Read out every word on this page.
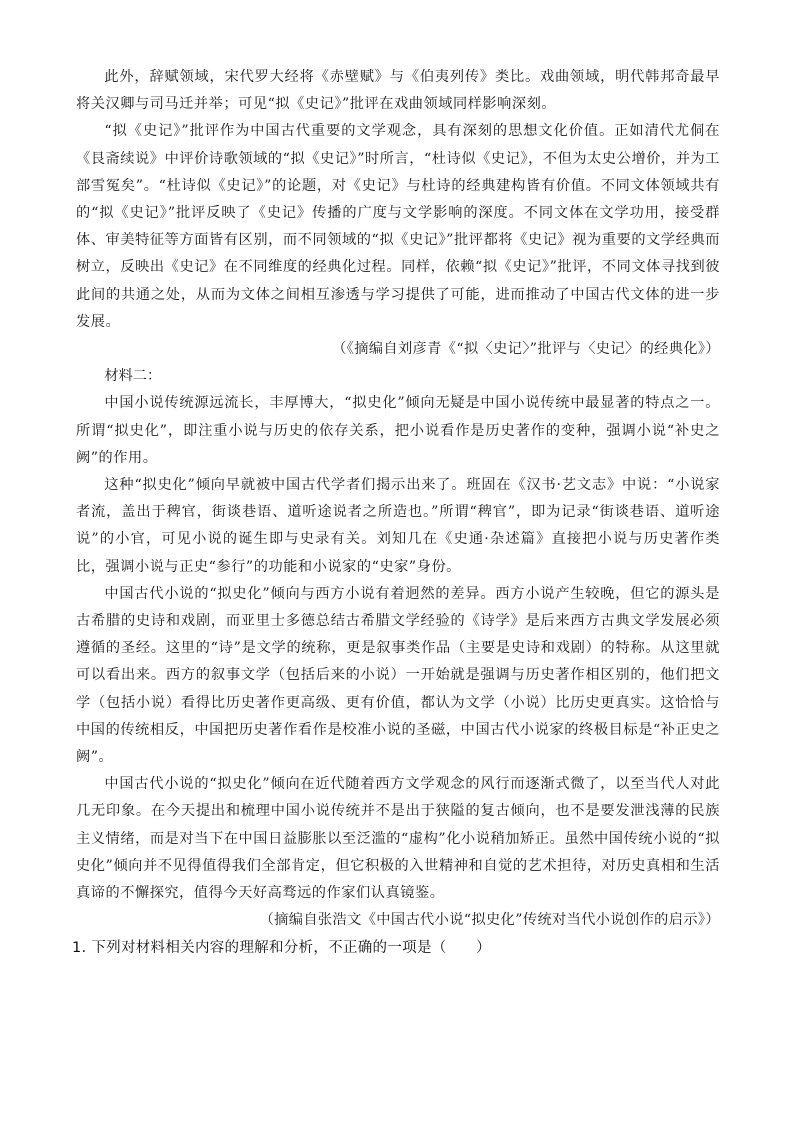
此外，辞赋领域，宋代罗大经将《赤壁赋》与《伯夷列传》类比。戏曲领域，明代韩邦奇最早将关汉卿与司马迁并举；可见“拟《史记》”批评在戏曲领域同样影响深刻。

“拟《史记》”批评作为中国古代重要的文学观念，具有深刻的思想文化价值。正如清代尤侗在《艮斋续说》中评价诗歌领域的“拟《史记》”时所言，“杜诗似《史记》，不但为太史公增价，并为工部雪冤矣”。“杜诗似《史记》”的论题，对《史记》与杜诗的经典建构皆有价值。不同文体领域共有的“拟《史记》”批评反映了《史记》传播的广度与文学影响的深度。不同文体在文学功用，接受群体、审美特征等方面皆有区别，而不同领域的“拟《史记》”批评都将《史记》视为重要的文学经典而树立，反映出《史记》在不同维度的经典化过程。同样，依赖“拟《史记》”批评，不同文体寻找到彼此间的共通之处，从而为文体之间相互渗透与学习提供了可能，进而推动了中国古代文体的进一步发展。

（《摘编自刘彦青《“拟〈史记〉”批评与〈史记〉的经典化》）

材料二：

中国小说传统源远流长，丰厚博大，“拟史化”倾向无疑是中国小说传统中最显著的特点之一。所谓“拟史化”，即注重小说与历史的依存关系，把小说看作是历史著作的变种，强调小说“补史之阙”的作用。

这种“拟史化”倾向早就被中国古代学者们揭示出来了。班固在《汉书·艺文志》中说：“小说家者流，盖出于稗官，街谈巷语、道听途说者之所造也。”所谓“稗官”，即为记录“街谈巷语、道听途说”的小官，可见小说的诞生即与史录有关。刘知几在《史通·杂述篇》直接把小说与历史著作类比，强调小说与正史“参行”的功能和小说家的“史家”身份。

中国古代小说的“拟史化”倾向与西方小说有着迥然的差异。西方小说产生较晚，但它的源头是古希腊的史诗和戏剧，而亚里士多德总结古希腊文学经验的《诗学》是后来西方古典文学发展必须遵循的圣经。这里的“诗”是文学的统称，更是叙事类作品（主要是史诗和戏剧）的特称。从这里就可以看出来。西方的叙事文学（包括后来的小说）一开始就是强调与历史著作相区别的，他们把文学（包括小说）看得比历史著作更高级、更有价值，都认为文学（小说）比历史更真实。这恰恰与中国的传统相反，中国把历史著作看作是校准小说的圣磁，中国古代小说家的终极目标是“补正史之阙”。

中国古代小说的“拟史化”倾向在近代随着西方文学观念的风行而逐渐式微了，以至当代人对此几无印象。在今天提出和梳理中国小说传统并不是出于狭隘的复古倾向，也不是要发泄浅薄的民族主义情绪，而是对当下在中国日益膨胀以至泛滥的“虚构”化小说稍加矫正。虽然中国传统小说的“拟史化”倾向并不见得值得我们全部肯定，但它积极的入世精神和自觉的艺术担待，对历史真相和生活真谛的不懈探究，值得今天好高骛远的作家们认真镜鉴。

（摘编自张浩文《中国古代小说“拟史化”传统对当代小说创作的启示》）

1. 下列对材料相关内容的理解和分析，不正确的一项是（　　）
